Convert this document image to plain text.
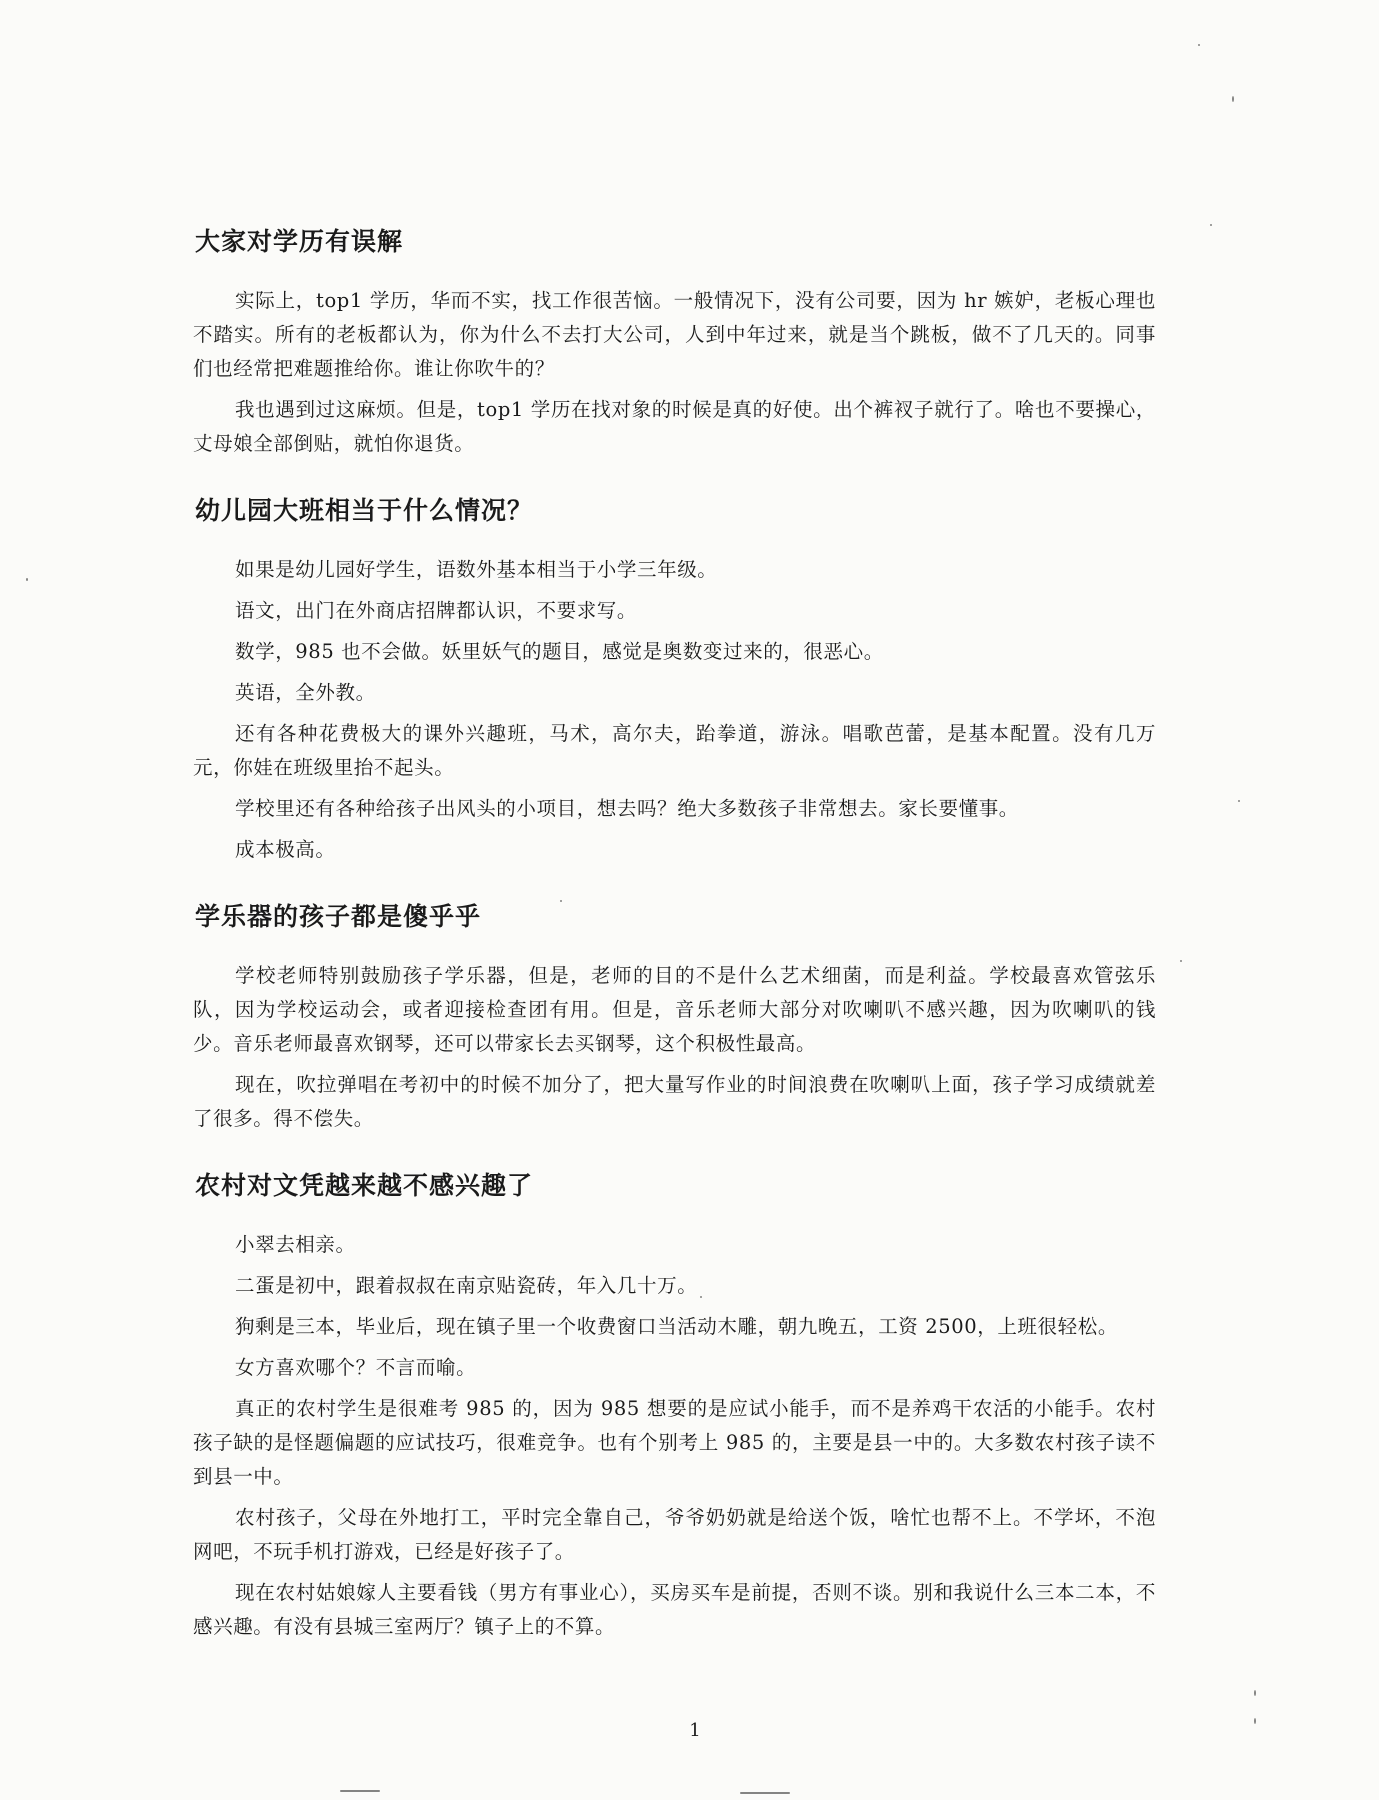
大家对学历有误解

实际上，top1 学历，华而不实，找工作很苦恼。一般情况下，没有公司要，因为 hr 嫉妒，老板心理也不踏实。所有的老板都认为，你为什么不去打大公司，人到中年过来，就是当个跳板，做不了几天的。同事们也经常把难题推给你。谁让你吹牛的？

我也遇到过这麻烦。但是，top1 学历在找对象的时候是真的好使。出个裤衩子就行了。啥也不要操心，丈母娘全部倒贴，就怕你退货。

幼儿园大班相当于什么情况？

如果是幼儿园好学生，语数外基本相当于小学三年级。

语文，出门在外商店招牌都认识，不要求写。

数学，985 也不会做。妖里妖气的题目，感觉是奥数变过来的，很恶心。

英语，全外教。

还有各种花费极大的课外兴趣班，马术，高尔夫，跆拳道，游泳。唱歌芭蕾，是基本配置。没有几万元，你娃在班级里抬不起头。

学校里还有各种给孩子出风头的小项目，想去吗？绝大多数孩子非常想去。家长要懂事。

成本极高。

学乐器的孩子都是傻乎乎

学校老师特别鼓励孩子学乐器，但是，老师的目的不是什么艺术细菌，而是利益。学校最喜欢管弦乐队，因为学校运动会，或者迎接检查团有用。但是，音乐老师大部分对吹喇叭不感兴趣，因为吹喇叭的钱少。音乐老师最喜欢钢琴，还可以带家长去买钢琴，这个积极性最高。

现在，吹拉弹唱在考初中的时候不加分了，把大量写作业的时间浪费在吹喇叭上面，孩子学习成绩就差了很多。得不偿失。

农村对文凭越来越不感兴趣了

小翠去相亲。

二蛋是初中，跟着叔叔在南京贴瓷砖，年入几十万。

狗剩是三本，毕业后，现在镇子里一个收费窗口当活动木雕，朝九晚五，工资 2500，上班很轻松。

女方喜欢哪个？不言而喻。

真正的农村学生是很难考 985 的，因为 985 想要的是应试小能手，而不是养鸡干农活的小能手。农村孩子缺的是怪题偏题的应试技巧，很难竞争。也有个别考上 985 的，主要是县一中的。大多数农村孩子读不到县一中。

农村孩子，父母在外地打工，平时完全靠自己，爷爷奶奶就是给送个饭，啥忙也帮不上。不学坏，不泡网吧，不玩手机打游戏，已经是好孩子了。

现在农村姑娘嫁人主要看钱（男方有事业心），买房买车是前提，否则不谈。别和我说什么三本二本，不感兴趣。有没有县城三室两厅？镇子上的不算。

1
